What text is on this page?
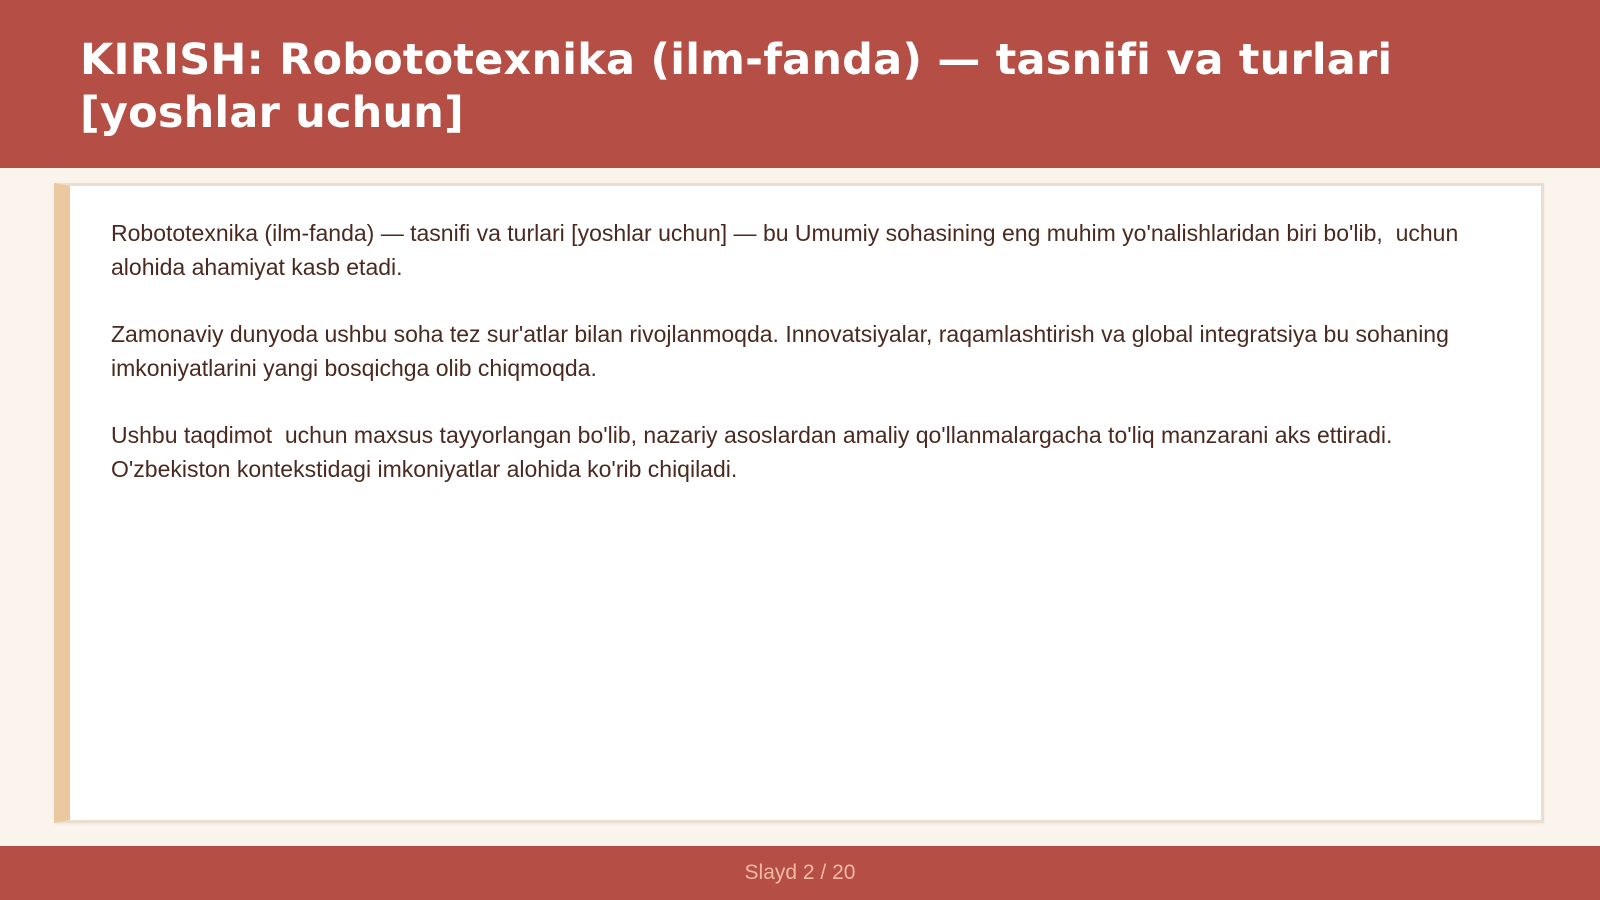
KIRISH: Robototexnika (ilm-fanda) — tasnifi va turlari [yoshlar uchun]

Robototexnika (ilm-fanda) — tasnifi va turlari [yoshlar uchun] — bu Umumiy sohasining eng muhim yo'nalishlaridan biri bo'lib,  uchun alohida ahamiyat kasb etadi.

Zamonaviy dunyoda ushbu soha tez sur'atlar bilan rivojlanmoqda. Innovatsiyalar, raqamlashtirish va global integratsiya bu sohaning imkoniyatlarini yangi bosqichga olib chiqmoqda.

Ushbu taqdimot  uchun maxsus tayyorlangan bo'lib, nazariy asoslardan amaliy qo'llanmalargacha to'liq manzarani aks ettiradi. O'zbekiston kontekstidagi imkoniyatlar alohida ko'rib chiqiladi.

Slayd 2 / 20
